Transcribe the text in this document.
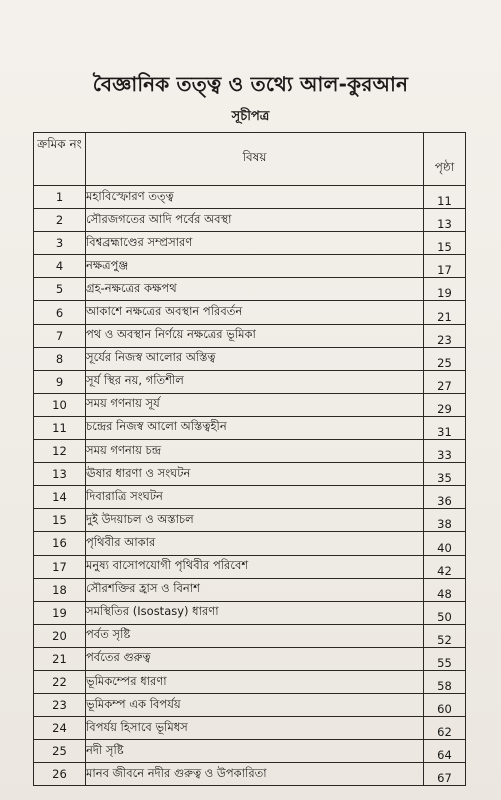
বৈজ্ঞানিক তত্ত্ব ও তথ্যে আল-কুরআন
সূচীপত্র
ক্রমিক নং	বিষয়	পৃষ্ঠা
1	মহাবিস্ফোরণ তত্ত্ব	11
2	সৌরজগতের আদি পর্বের অবস্থা	13
3	বিশ্বব্রহ্মাণ্ডের সম্প্রসারণ	15
4	নক্ষত্রপুঞ্জ	17
5	গ্রহ-নক্ষত্রের কক্ষপথ	19
6	আকাশে নক্ষত্রের অবস্থান পরিবর্তন	21
7	পথ ও অবস্থান নির্ণয়ে নক্ষত্রের ভূমিকা	23
8	সূর্যের নিজস্ব আলোর অস্তিত্ব	25
9	সূর্য স্থির নয়, গতিশীল	27
10	সময় গণনায় সূর্য	29
11	চন্দ্রের নিজস্ব আলো অস্তিত্বহীন	31
12	সময় গণনায় চন্দ্র	33
13	ঊষার ধারণা ও সংঘটন	35
14	দিবারাত্রি সংঘটন	36
15	দুই উদয়াচল ও অস্তাচল	38
16	পৃথিবীর আকার	40
17	মনুষ্য বাসোপযোগী পৃথিবীর পরিবেশ	42
18	সৌরশক্তির হ্রাস ও বিনাশ	48
19	সমস্থিতির (Isostasy) ধারণা	50
20	পর্বত সৃষ্টি	52
21	পর্বতের গুরুত্ব	55
22	ভূমিকম্পের ধারণা	58
23	ভূমিকম্প এক বিপর্যয়	60
24	বিপর্যয় হিসাবে ভূমিধস	62
25	নদী সৃষ্টি	64
26	মানব জীবনে নদীর গুরুত্ব ও উপকারিতা	67
